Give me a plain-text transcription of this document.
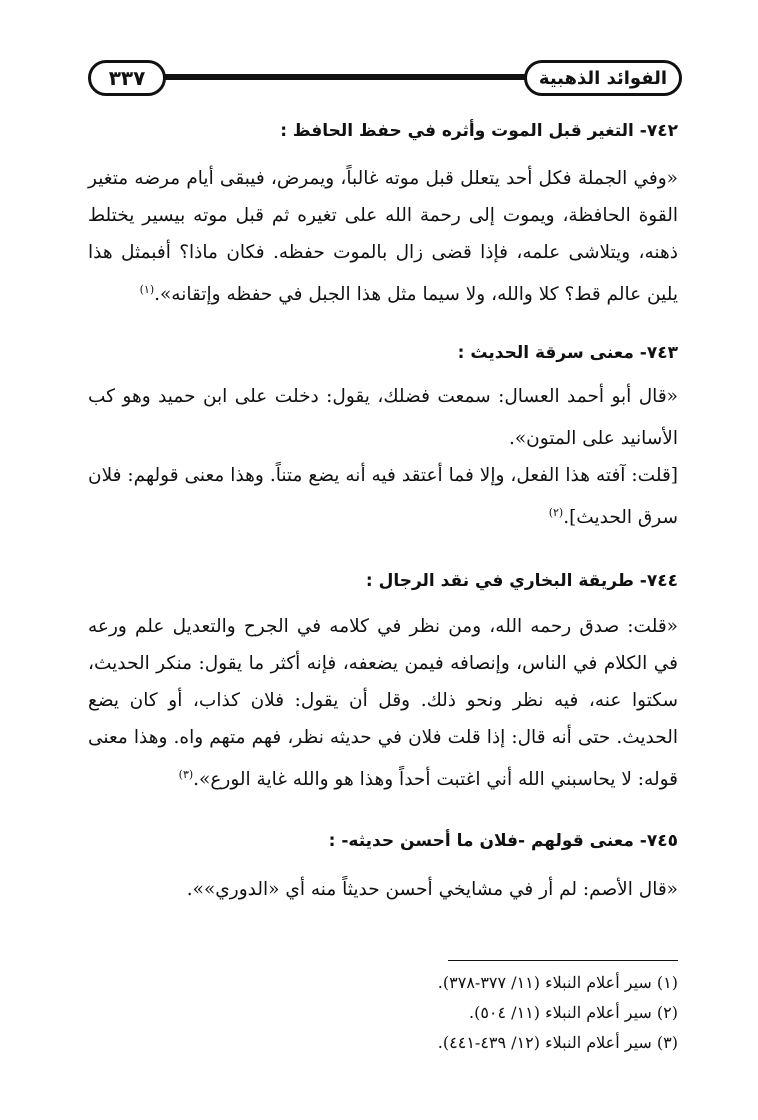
الفوائد الذهبية
٣٣٧
٧٤٢- التغير قبل الموت وأثره في حفظ الحافظ :

«وفي الجملة فكل أحد يتعلل قبل موته غالباً، ويمرض، فيبقى أيام مرضه متغير القوة الحافظة، ويموت إلى رحمة الله على تغيره ثم قبل موته بيسير يختلط ذهنه، ويتلاشى علمه، فإذا قضى زال بالموت حفظه. فكان ماذا؟ أفبمثل هذا يلين عالم قط؟ كلا والله، ولا سيما مثل هذا الجبل في حفظه وإتقانه».$^{(١)}$

٧٤٣- معنى سرقة الحديث :

«قال أبو أحمد العسال: سمعت فضلك، يقول: دخلت على ابن حميد وهو كب الأسانيد على المتون».

[قلت: آفته هذا الفعل، وإلا فما أعتقد فيه أنه يضع متناً. وهذا معنى قولهم: فلان سرق الحديث].$^{(٢)}$

٧٤٤- طريقة البخاري في نقد الرجال :

«قلت: صدق رحمه الله، ومن نظر في كلامه في الجرح والتعديل علم ورعه في الكلام في الناس، وإنصافه فيمن يضعفه، فإنه أكثر ما يقول: منكر الحديث، سكتوا عنه، فيه نظر ونحو ذلك. وقل أن يقول: فلان كذاب، أو كان يضع الحديث. حتى أنه قال: إذا قلت فلان في حديثه نظر، فهم متهم واه. وهذا معنى قوله: لا يحاسبني الله أني اغتبت أحداً وهذا هو والله غاية الورع».$^{(٣)}$

٧٤٥- معنى قولهم -فلان ما أحسن حديثه- :

«قال الأصم: لم أر في مشايخي أحسن حديثاً منه أي «الدوري»».

(١) سير أعلام النبلاء (١١/ ٣٧٧-٣٧٨).
(٢) سير أعلام النبلاء (١١/ ٥٠٤).
(٣) سير أعلام النبلاء (١٢/ ٤٣٩-٤٤١).
